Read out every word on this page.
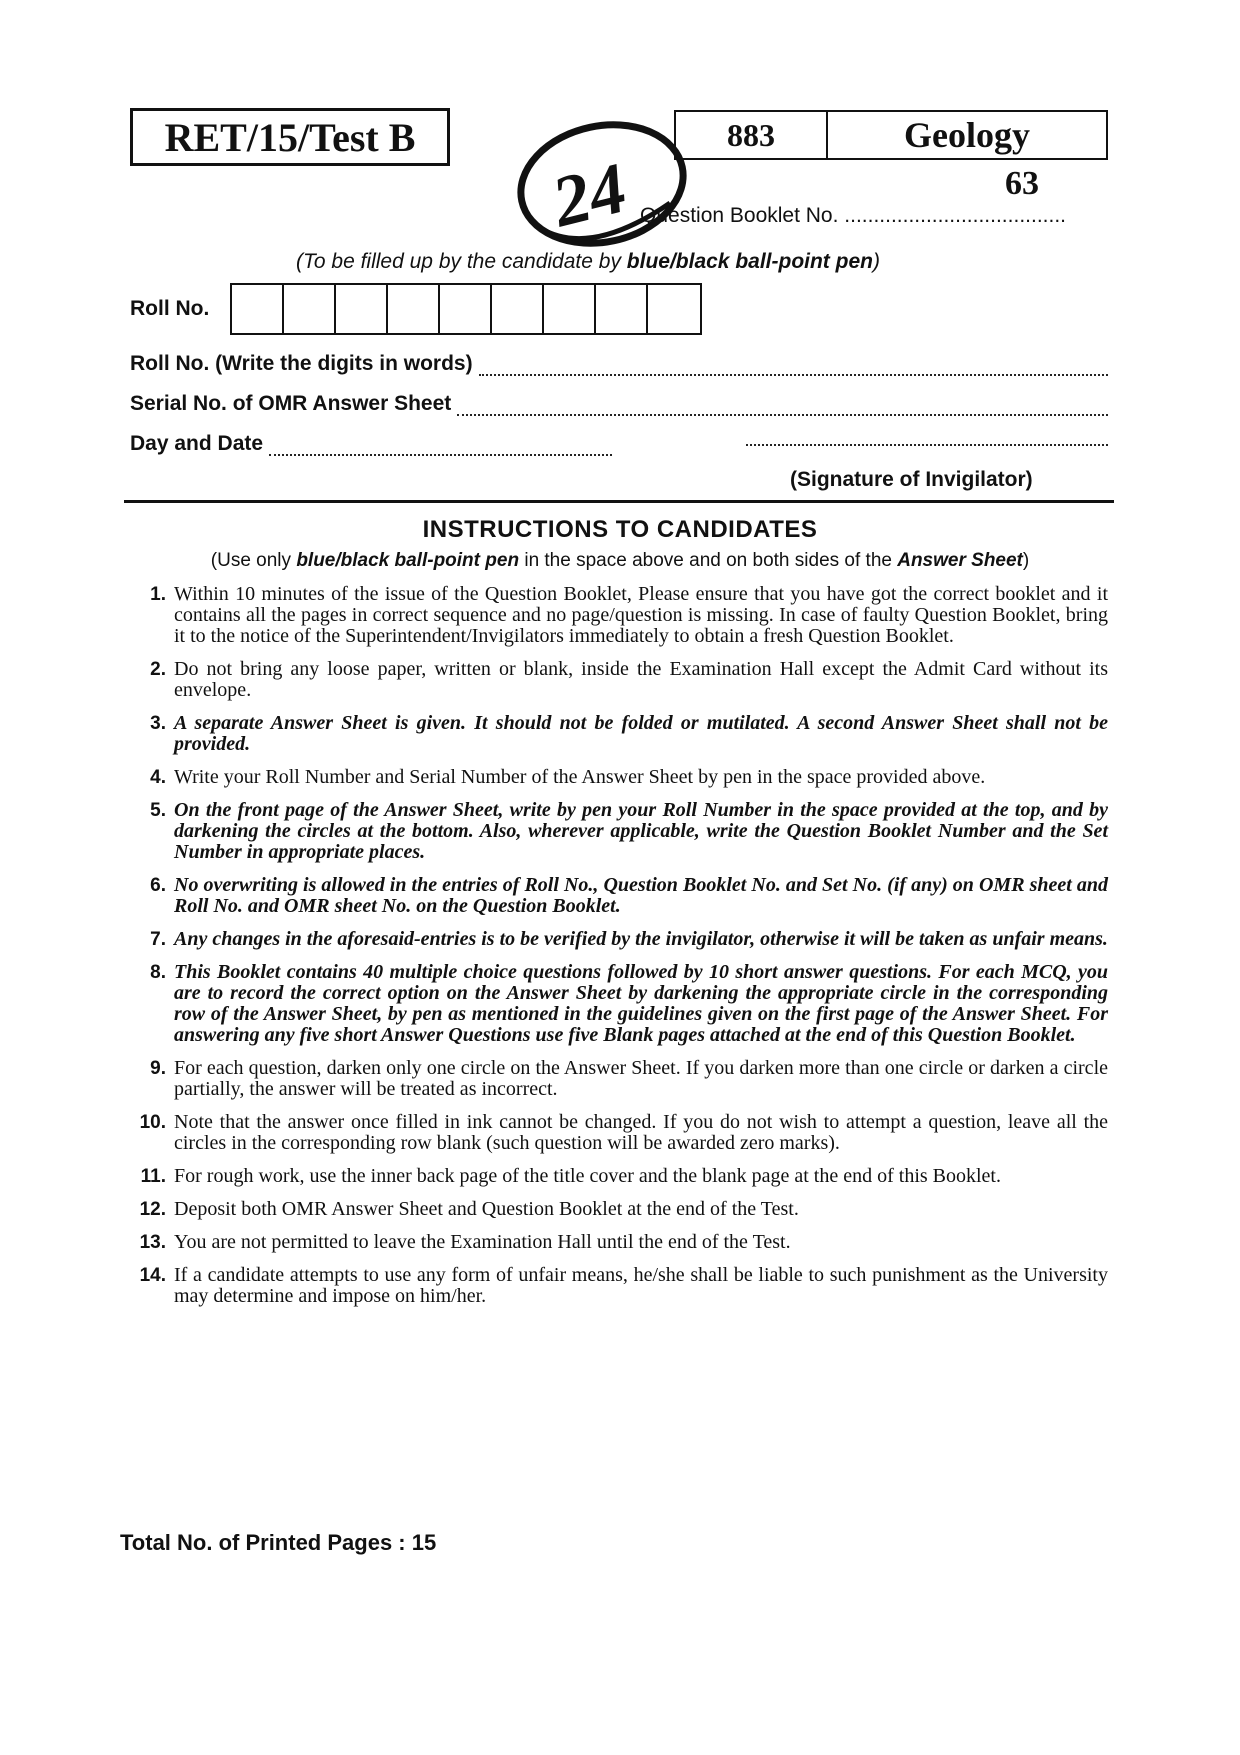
RET/15/Test B
24
883	Geology
63
Question Booklet No. ......................................
(To be filled up by the candidate by blue/black ball-point pen)
Roll No.
Roll No. (Write the digits in words)
Serial No. of OMR Answer Sheet
Day and Date
(Signature of Invigilator)
INSTRUCTIONS TO CANDIDATES
(Use only blue/black ball-point pen in the space above and on both sides of the Answer Sheet)
1. Within 10 minutes of the issue of the Question Booklet, Please ensure that you have got the correct booklet and it contains all the pages in correct sequence and no page/question is missing. In case of faulty Question Booklet, bring it to the notice of the Superintendent/Invigilators immediately to obtain a fresh Question Booklet.
2. Do not bring any loose paper, written or blank, inside the Examination Hall except the Admit Card without its envelope.
3. A separate Answer Sheet is given. It should not be folded or mutilated. A second Answer Sheet shall not be provided.
4. Write your Roll Number and Serial Number of the Answer Sheet by pen in the space provided above.
5. On the front page of the Answer Sheet, write by pen your Roll Number in the space provided at the top, and by darkening the circles at the bottom. Also, wherever applicable, write the Question Booklet Number and the Set Number in appropriate places.
6. No overwriting is allowed in the entries of Roll No., Question Booklet No. and Set No. (if any) on OMR sheet and Roll No. and OMR sheet No. on the Question Booklet.
7. Any changes in the aforesaid-entries is to be verified by the invigilator, otherwise it will be taken as unfair means.
8. This Booklet contains 40 multiple choice questions followed by 10 short answer questions. For each MCQ, you are to record the correct option on the Answer Sheet by darkening the appropriate circle in the corresponding row of the Answer Sheet, by pen as mentioned in the guidelines given on the first page of the Answer Sheet. For answering any five short Answer Questions use five Blank pages attached at the end of this Question Booklet.
9. For each question, darken only one circle on the Answer Sheet. If you darken more than one circle or darken a circle partially, the answer will be treated as incorrect.
10. Note that the answer once filled in ink cannot be changed. If you do not wish to attempt a question, leave all the circles in the corresponding row blank (such question will be awarded zero marks).
11. For rough work, use the inner back page of the title cover and the blank page at the end of this Booklet.
12. Deposit both OMR Answer Sheet and Question Booklet at the end of the Test.
13. You are not permitted to leave the Examination Hall until the end of the Test.
14. If a candidate attempts to use any form of unfair means, he/she shall be liable to such punishment as the University may determine and impose on him/her.
Total No. of Printed Pages : 15
